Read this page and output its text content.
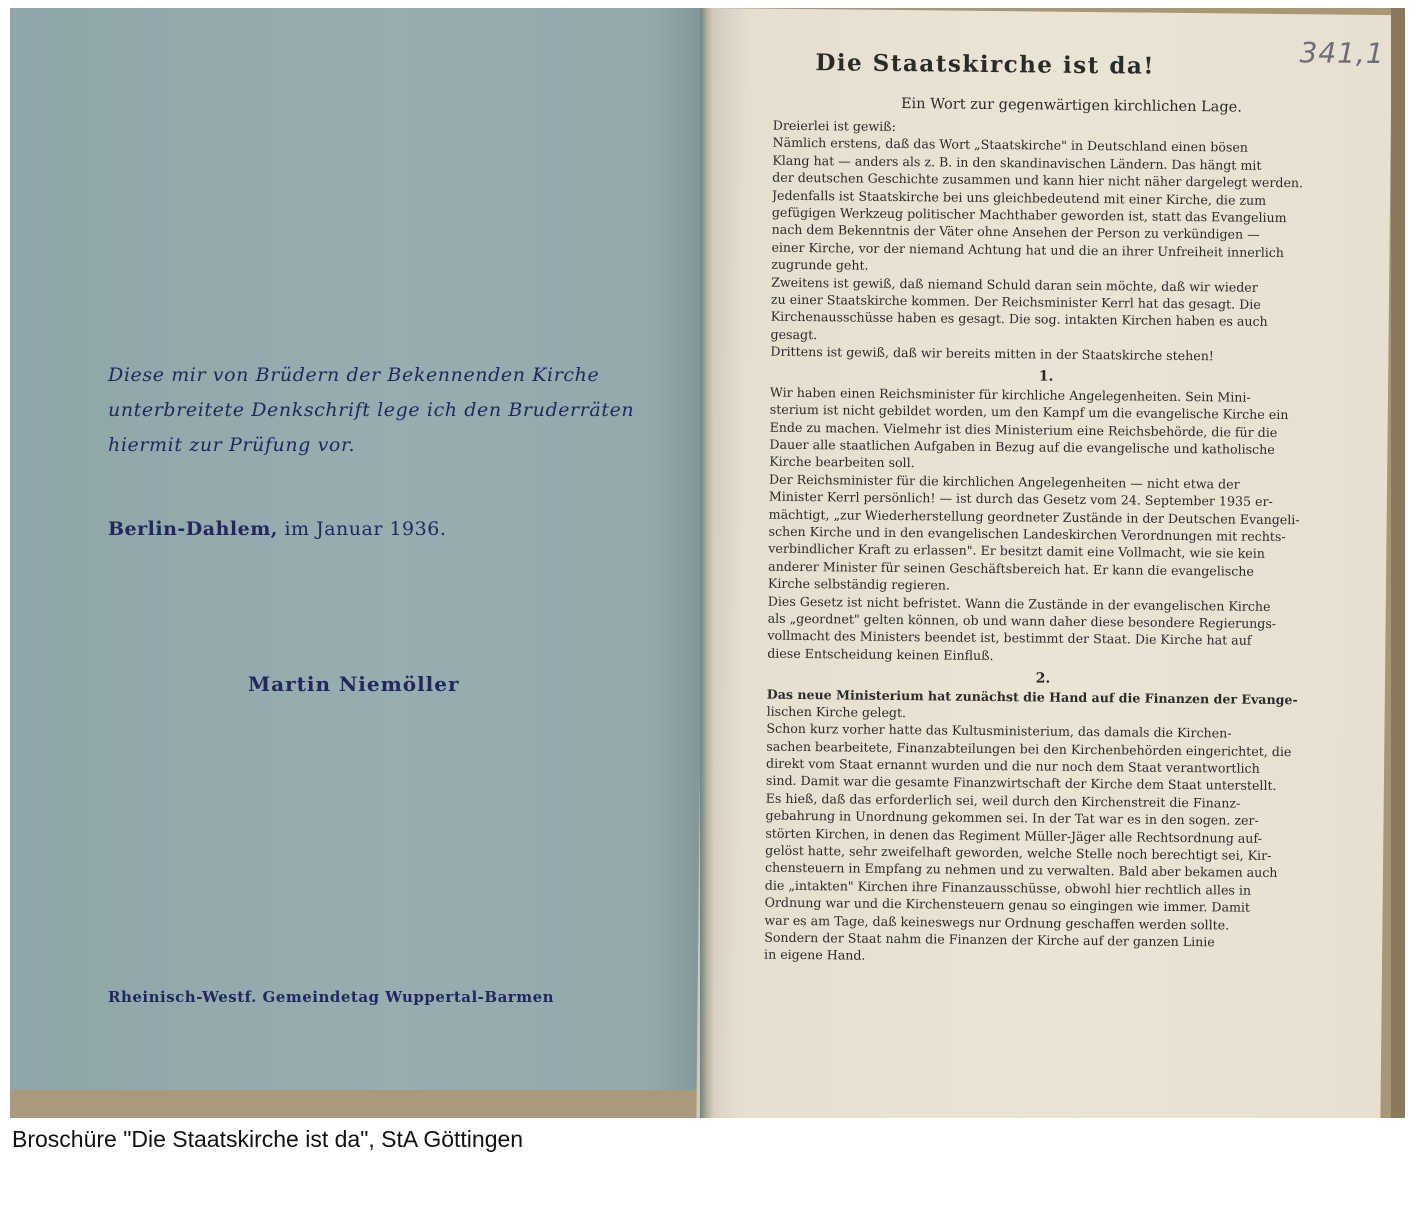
Diese mir von Brüdern der Bekennenden Kirche
unterbreitete Denkschrift lege ich den Bruderräten
hiermit zur Prüfung vor.
Berlin-Dahlem, im Januar 1936.
Martin Niemöller
Rheinisch-Westf. Gemeindetag Wuppertal-Barmen
341,1
Die Staatskirche ist da!
Ein Wort zur gegenwärtigen kirchlichen Lage.
Dreierlei ist gewiß:
Nämlich erstens, daß das Wort „Staatskirche" in Deutschland einen bösen
Klang hat — anders als z. B. in den skandinavischen Ländern. Das hängt mit
der deutschen Geschichte zusammen und kann hier nicht näher dargelegt werden.
Jedenfalls ist Staatskirche bei uns gleichbedeutend mit einer Kirche, die zum
gefügigen Werkzeug politischer Machthaber geworden ist, statt das Evangelium
nach dem Bekenntnis der Väter ohne Ansehen der Person zu verkündigen —
einer Kirche, vor der niemand Achtung hat und die an ihrer Unfreiheit innerlich
zugrunde geht.
Zweitens ist gewiß, daß niemand Schuld daran sein möchte, daß wir wieder
zu einer Staatskirche kommen. Der Reichsminister Kerrl hat das gesagt. Die
Kirchenausschüsse haben es gesagt. Die sog. intakten Kirchen haben es auch
gesagt.
Drittens ist gewiß, daß wir bereits mitten in der Staatskirche stehen!
1.
Wir haben einen Reichsminister für kirchliche Angelegenheiten. Sein Mini-
sterium ist nicht gebildet worden, um den Kampf um die evangelische Kirche ein
Ende zu machen. Vielmehr ist dies Ministerium eine Reichsbehörde, die für die
Dauer alle staatlichen Aufgaben in Bezug auf die evangelische und katholische
Kirche bearbeiten soll.
Der Reichsminister für die kirchlichen Angelegenheiten — nicht etwa der
Minister Kerrl persönlich! — ist durch das Gesetz vom 24. September 1935 er-
mächtigt, „zur Wiederherstellung geordneter Zustände in der Deutschen Evangeli-
schen Kirche und in den evangelischen Landeskirchen Verordnungen mit rechts-
verbindlicher Kraft zu erlassen". Er besitzt damit eine Vollmacht, wie sie kein
anderer Minister für seinen Geschäftsbereich hat. Er kann die evangelische
Kirche selbständig regieren.
Dies Gesetz ist nicht befristet. Wann die Zustände in der evangelischen Kirche
als „geordnet" gelten können, ob und wann daher diese besondere Regierungs-
vollmacht des Ministers beendet ist, bestimmt der Staat. Die Kirche hat auf
diese Entscheidung keinen Einfluß.
2.
Das neue Ministerium hat zunächst die Hand auf die Finanzen der Evange-
lischen Kirche gelegt.
Schon kurz vorher hatte das Kultusministerium, das damals die Kirchen-
sachen bearbeitete, Finanzabteilungen bei den Kirchenbehörden eingerichtet, die
direkt vom Staat ernannt wurden und die nur noch dem Staat verantwortlich
sind. Damit war die gesamte Finanzwirtschaft der Kirche dem Staat unterstellt.
Es hieß, daß das erforderlich sei, weil durch den Kirchenstreit die Finanz-
gebahrung in Unordnung gekommen sei. In der Tat war es in den sogen. zer-
störten Kirchen, in denen das Regiment Müller-Jäger alle Rechtsordnung auf-
gelöst hatte, sehr zweifelhaft geworden, welche Stelle noch berechtigt sei, Kir-
chensteuern in Empfang zu nehmen und zu verwalten. Bald aber bekamen auch
die „intakten" Kirchen ihre Finanzausschüsse, obwohl hier rechtlich alles in
Ordnung war und die Kirchensteuern genau so eingingen wie immer. Damit
war es am Tage, daß keineswegs nur Ordnung geschaffen werden sollte.
Sondern der Staat nahm die Finanzen der Kirche auf der ganzen Linie
in eigene Hand.
Broschüre "Die Staatskirche ist da", StA Göttingen
